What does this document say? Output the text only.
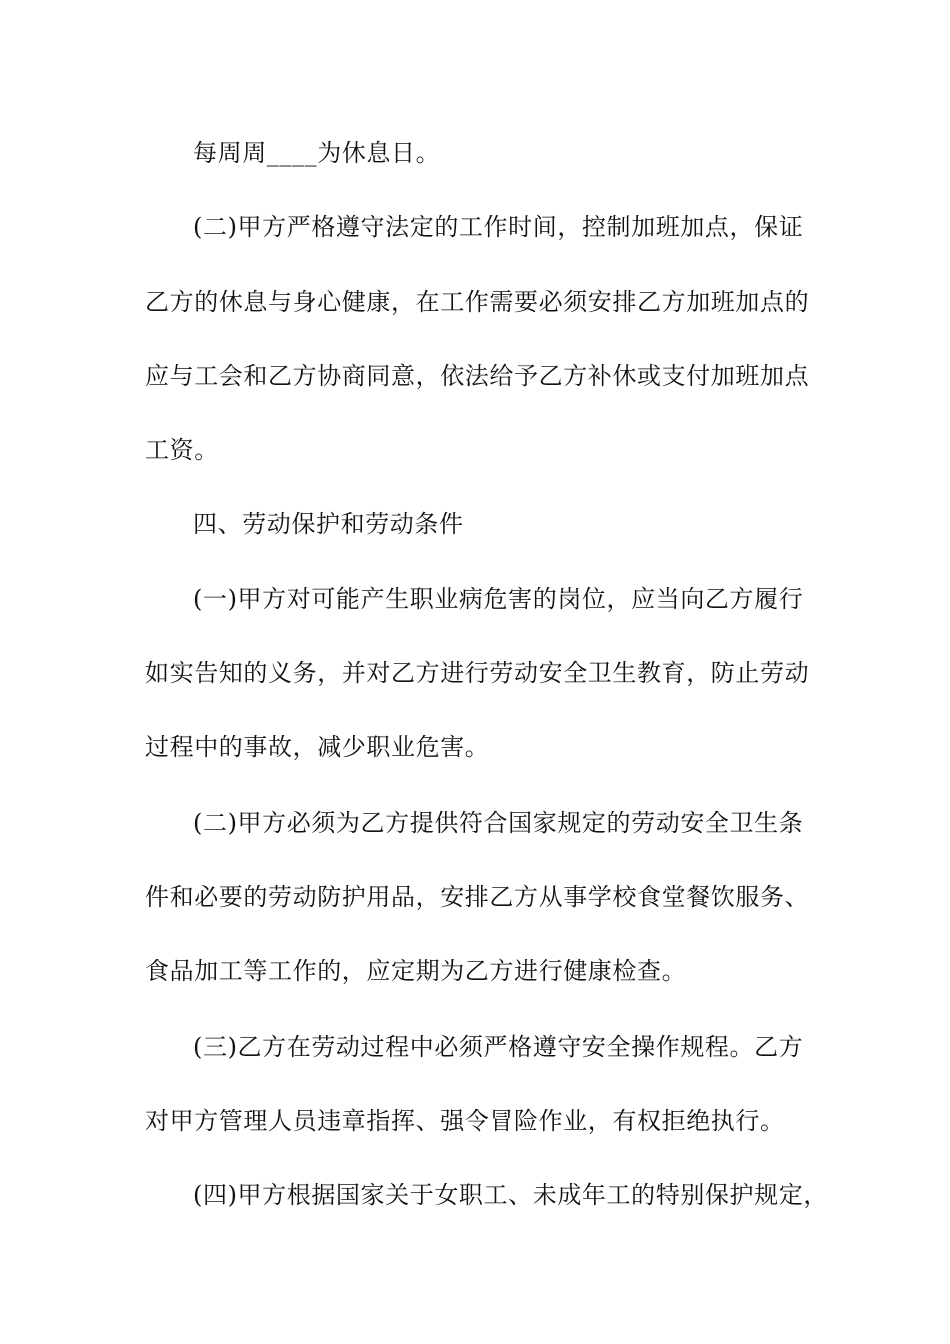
每周周____为休息日。
(二)甲方严格遵守法定的工作时间，控制加班加点，保证
乙方的休息与身心健康，在工作需要必须安排乙方加班加点的
应与工会和乙方协商同意，依法给予乙方补休或支付加班加点
工资。
四、劳动保护和劳动条件
(一)甲方对可能产生职业病危害的岗位，应当向乙方履行
如实告知的义务，并对乙方进行劳动安全卫生教育，防止劳动
过程中的事故，减少职业危害。
(二)甲方必须为乙方提供符合国家规定的劳动安全卫生条
件和必要的劳动防护用品，安排乙方从事学校食堂餐饮服务、
食品加工等工作的，应定期为乙方进行健康检查。
(三)乙方在劳动过程中必须严格遵守安全操作规程。乙方
对甲方管理人员违章指挥、强令冒险作业，有权拒绝执行。
(四)甲方根据国家关于女职工、未成年工的特别保护规定，
